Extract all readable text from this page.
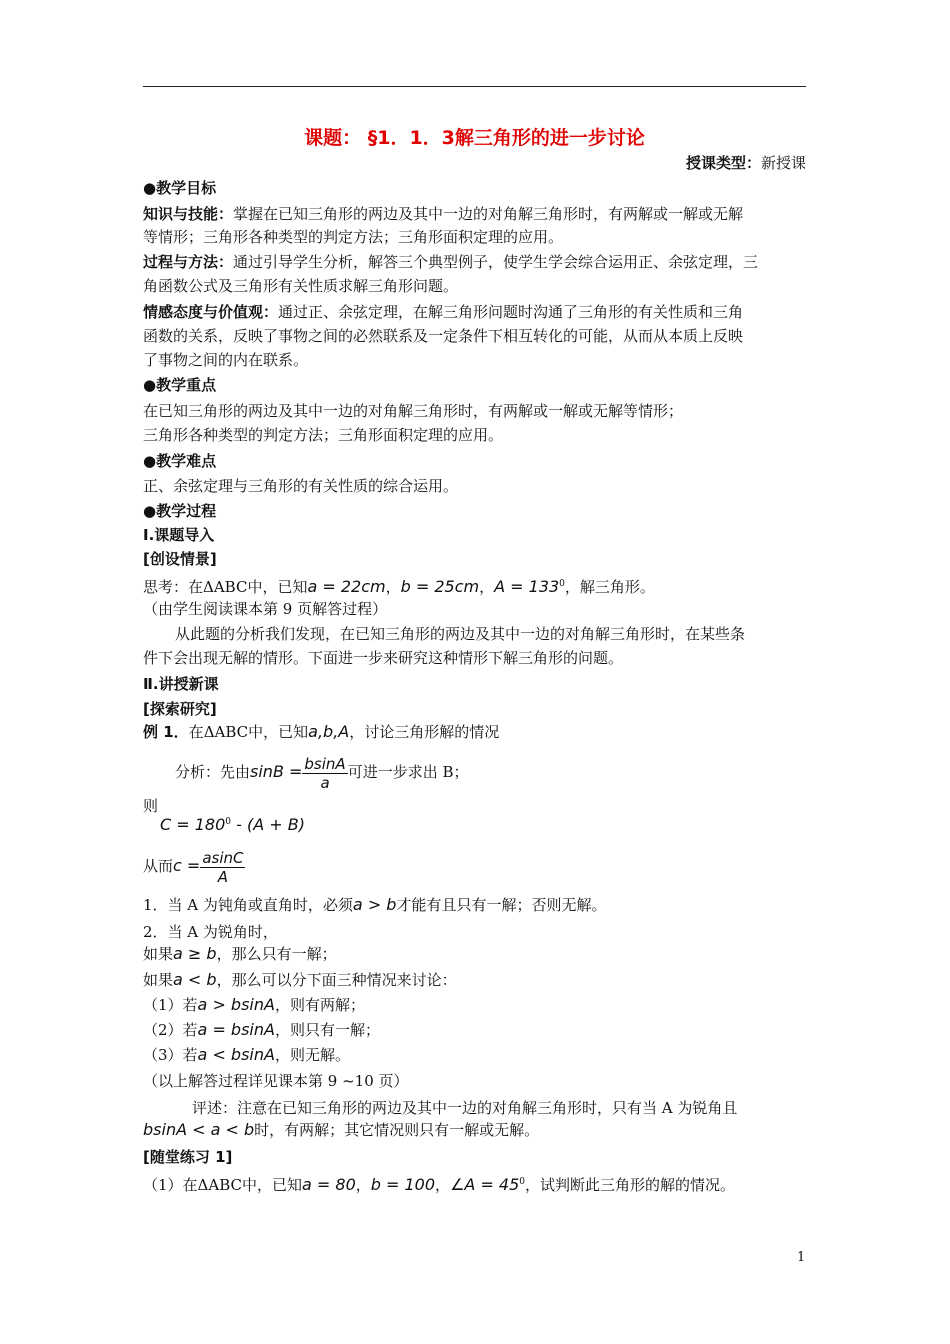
课题： §1．1．3解三角形的进一步讨论
授课类型：新授课
●教学目标
知识与技能：掌握在已知三角形的两边及其中一边的对角解三角形时，有两解或一解或无解
等情形；三角形各种类型的判定方法；三角形面积定理的应用。
过程与方法：通过引导学生分析，解答三个典型例子，使学生学会综合运用正、余弦定理，三
角函数公式及三角形有关性质求解三角形问题。
情感态度与价值观：通过正、余弦定理，在解三角形问题时沟通了三角形的有关性质和三角
函数的关系，反映了事物之间的必然联系及一定条件下相互转化的可能，从而从本质上反映
了事物之间的内在联系。
●教学重点
在已知三角形的两边及其中一边的对角解三角形时，有两解或一解或无解等情形；
三角形各种类型的判定方法；三角形面积定理的应用。
●教学难点
正、余弦定理与三角形的有关性质的综合运用。
●教学过程
Ⅰ.课题导入
[创设情景]
思考：在ΔABC中，已知a = 22cm，b = 25cm，$A = 133^0$，解三角形。
（由学生阅读课本第 9 页解答过程）
从此题的分析我们发现，在已知三角形的两边及其中一边的对角解三角形时，在某些条
件下会出现无解的情形。下面进一步来研究这种情形下解三角形的问题。
Ⅱ.讲授新课
[探索研究]
例 1．在ΔABC中，已知a,b,A，讨论三角形解的情况
分析：先由$\sin B = \frac{bsinA}{a}$ 可进一步求出 B；
则
$C = 180^0 - (A + B)$
从而$c = \frac{asinC}{A}$
1．当 A 为钝角或直角时，必须a > b才能有且只有一解；否则无解。
2．当 A 为锐角时，
如果a ≥ b，那么只有一解；
如果a < b，那么可以分下面三种情况来讨论：
（1）若a > bsinA，则有两解；
（2）若a = bsinA，则只有一解；
（3）若a < bsinA，则无解。
（以上解答过程详见课本第 9 ~10 页）
评述：注意在已知三角形的两边及其中一边的对角解三角形时，只有当 A 为锐角且
bsinA < a < b时，有两解；其它情况则只有一解或无解。
[随堂练习 1]
（1）在ΔABC中，已知a = 80，b = 100，∠A = $45^0$，试判断此三角形的解的情况。
1
